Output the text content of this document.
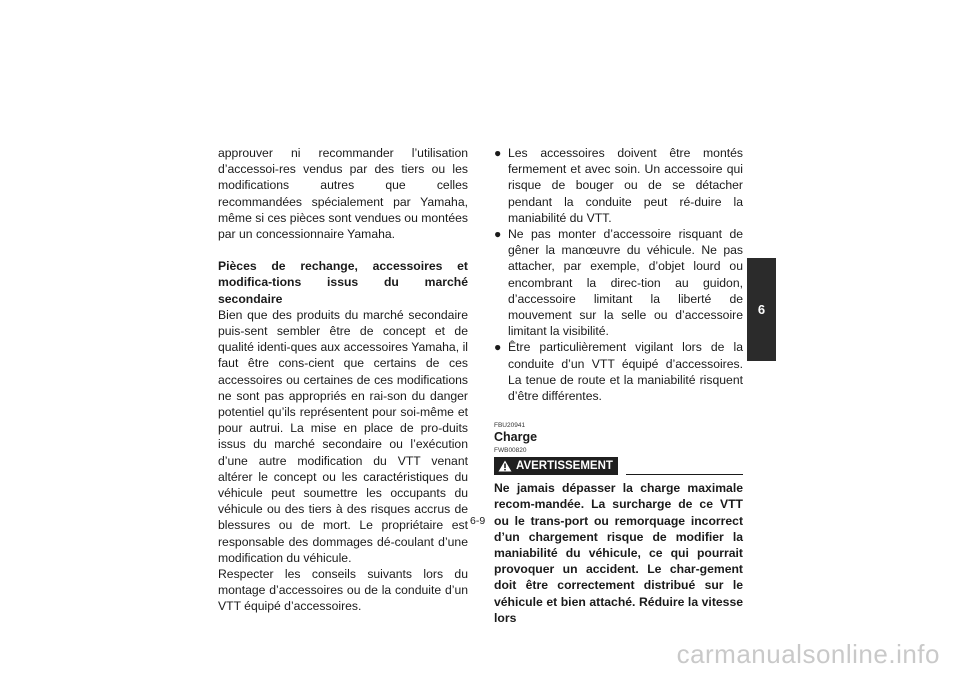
approuver ni recommander l’utilisation d’accessoi-res vendus par des tiers ou les modifications autres que celles recommandées spécialement par Yamaha, même si ces pièces sont vendues ou montées par un concessionnaire Yamaha.

Pièces de rechange, accessoires et modifica-tions issus du marché secondaire

Bien que des produits du marché secondaire puis-sent sembler être de concept et de qualité identi-ques aux accessoires Yamaha, il faut être cons-cient que certains de ces accessoires ou certaines de ces modifications ne sont pas appropriés en rai-son du danger potentiel qu’ils représentent pour soi-même et pour autrui. La mise en place de pro-duits issus du marché secondaire ou l’exécution d’une autre modification du VTT venant altérer le concept ou les caractéristiques du véhicule peut soumettre les occupants du véhicule ou des tiers à des risques accrus de blessures ou de mort. Le propriétaire est responsable des dommages dé-coulant d’une modification du véhicule.

Respecter les conseils suivants lors du montage d’accessoires ou de la conduite d’un VTT équipé d’accessoires.

● Les accessoires doivent être montés fermement et avec soin. Un accessoire qui risque de bouger ou de se détacher pendant la conduite peut ré-duire la maniabilité du VTT.
● Ne pas monter d’accessoire risquant de gêner la manœuvre du véhicule. Ne pas attacher, par exemple, d’objet lourd ou encombrant la direc-tion au guidon, d’accessoire limitant la liberté de mouvement sur la selle ou d’accessoire limitant la visibilité.
● Être particulièrement vigilant lors de la conduite d’un VTT équipé d’accessoires. La tenue de route et la maniabilité risquent d’être différentes.
FBU20941
Charge
FWB00820
AVERTISSEMENT

Ne jamais dépasser la charge maximale recom-mandée. La surcharge de ce VTT ou le trans-port ou remorquage incorrect d’un chargement risque de modifier la maniabilité du véhicule, ce qui pourrait provoquer un accident. Le char-gement doit être correctement distribué sur le véhicule et bien attaché. Réduire la vitesse lors

6
6-9
carmanualsonline.info
